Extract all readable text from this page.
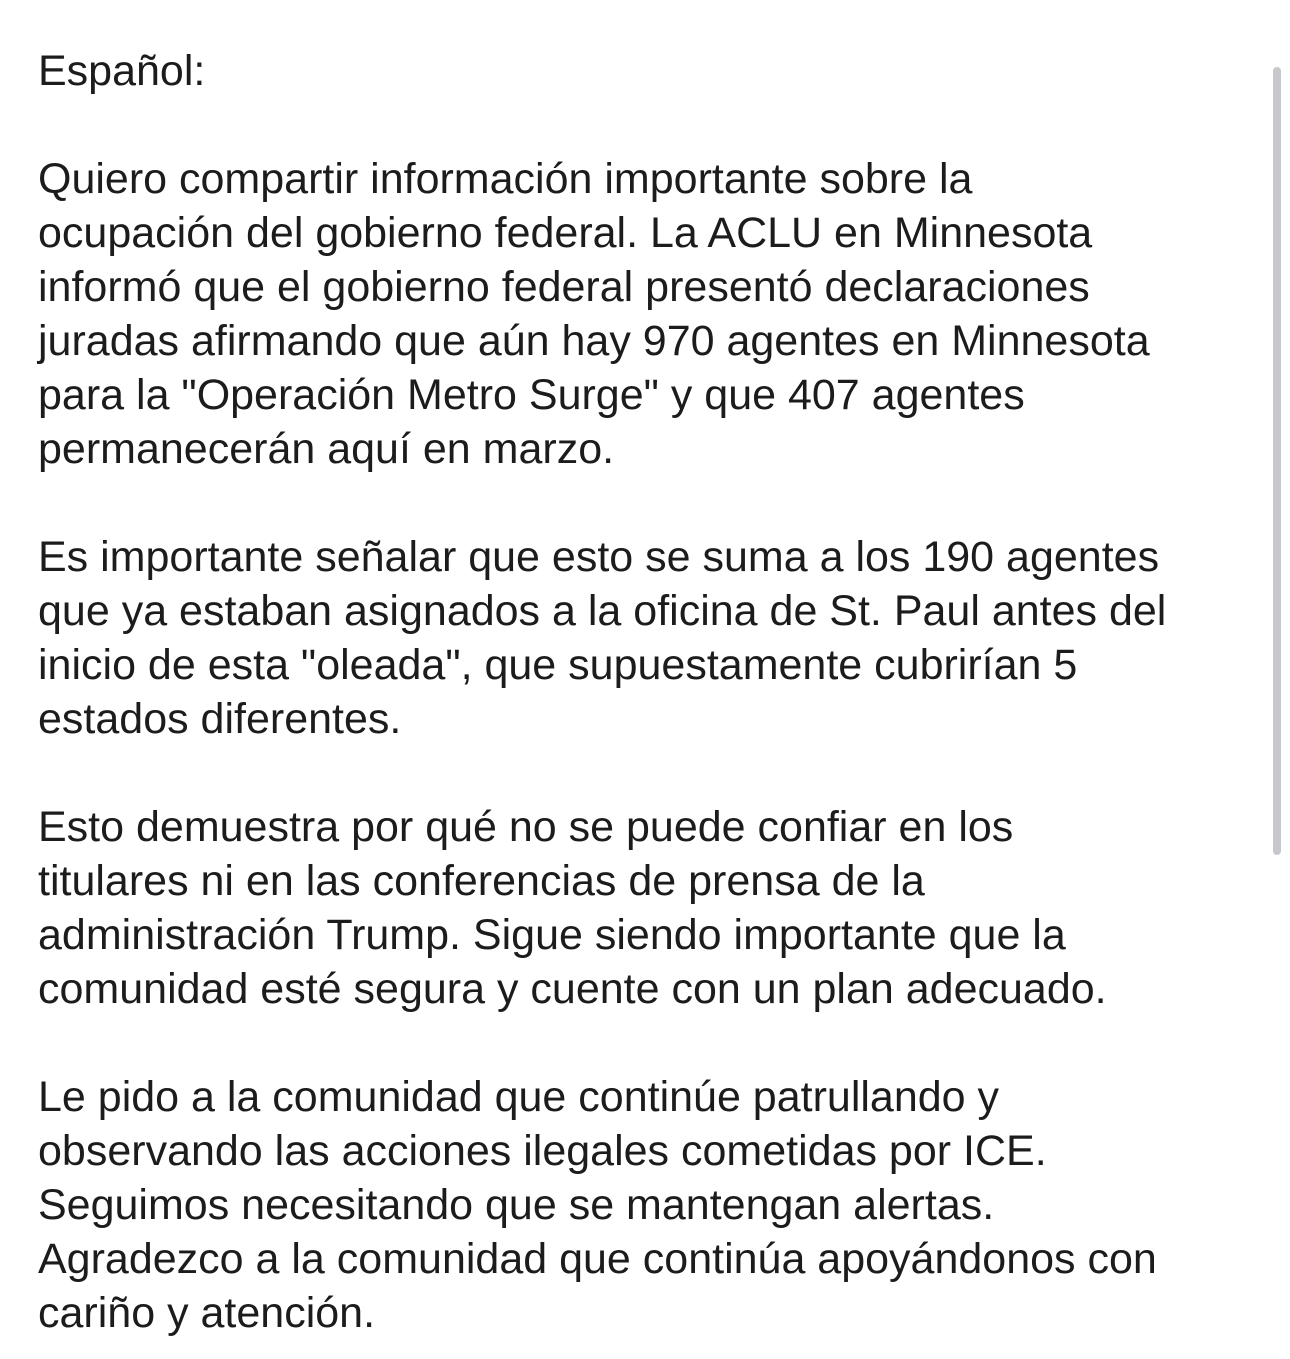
Español:
Quiero compartir información importante sobre la
ocupación del gobierno federal. La ACLU en Minnesota
informó que el gobierno federal presentó declaraciones
juradas afirmando que aún hay 970 agentes en Minnesota
para la "Operación Metro Surge" y que 407 agentes
permanecerán aquí en marzo.
Es importante señalar que esto se suma a los 190 agentes
que ya estaban asignados a la oficina de St. Paul antes del
inicio de esta "oleada", que supuestamente cubrirían 5
estados diferentes.
Esto demuestra por qué no se puede confiar en los
titulares ni en las conferencias de prensa de la
administración Trump. Sigue siendo importante que la
comunidad esté segura y cuente con un plan adecuado.
Le pido a la comunidad que continúe patrullando y
observando las acciones ilegales cometidas por ICE.
Seguimos necesitando que se mantengan alertas.
Agradezco a la comunidad que continúa apoyándonos con
cariño y atención.
